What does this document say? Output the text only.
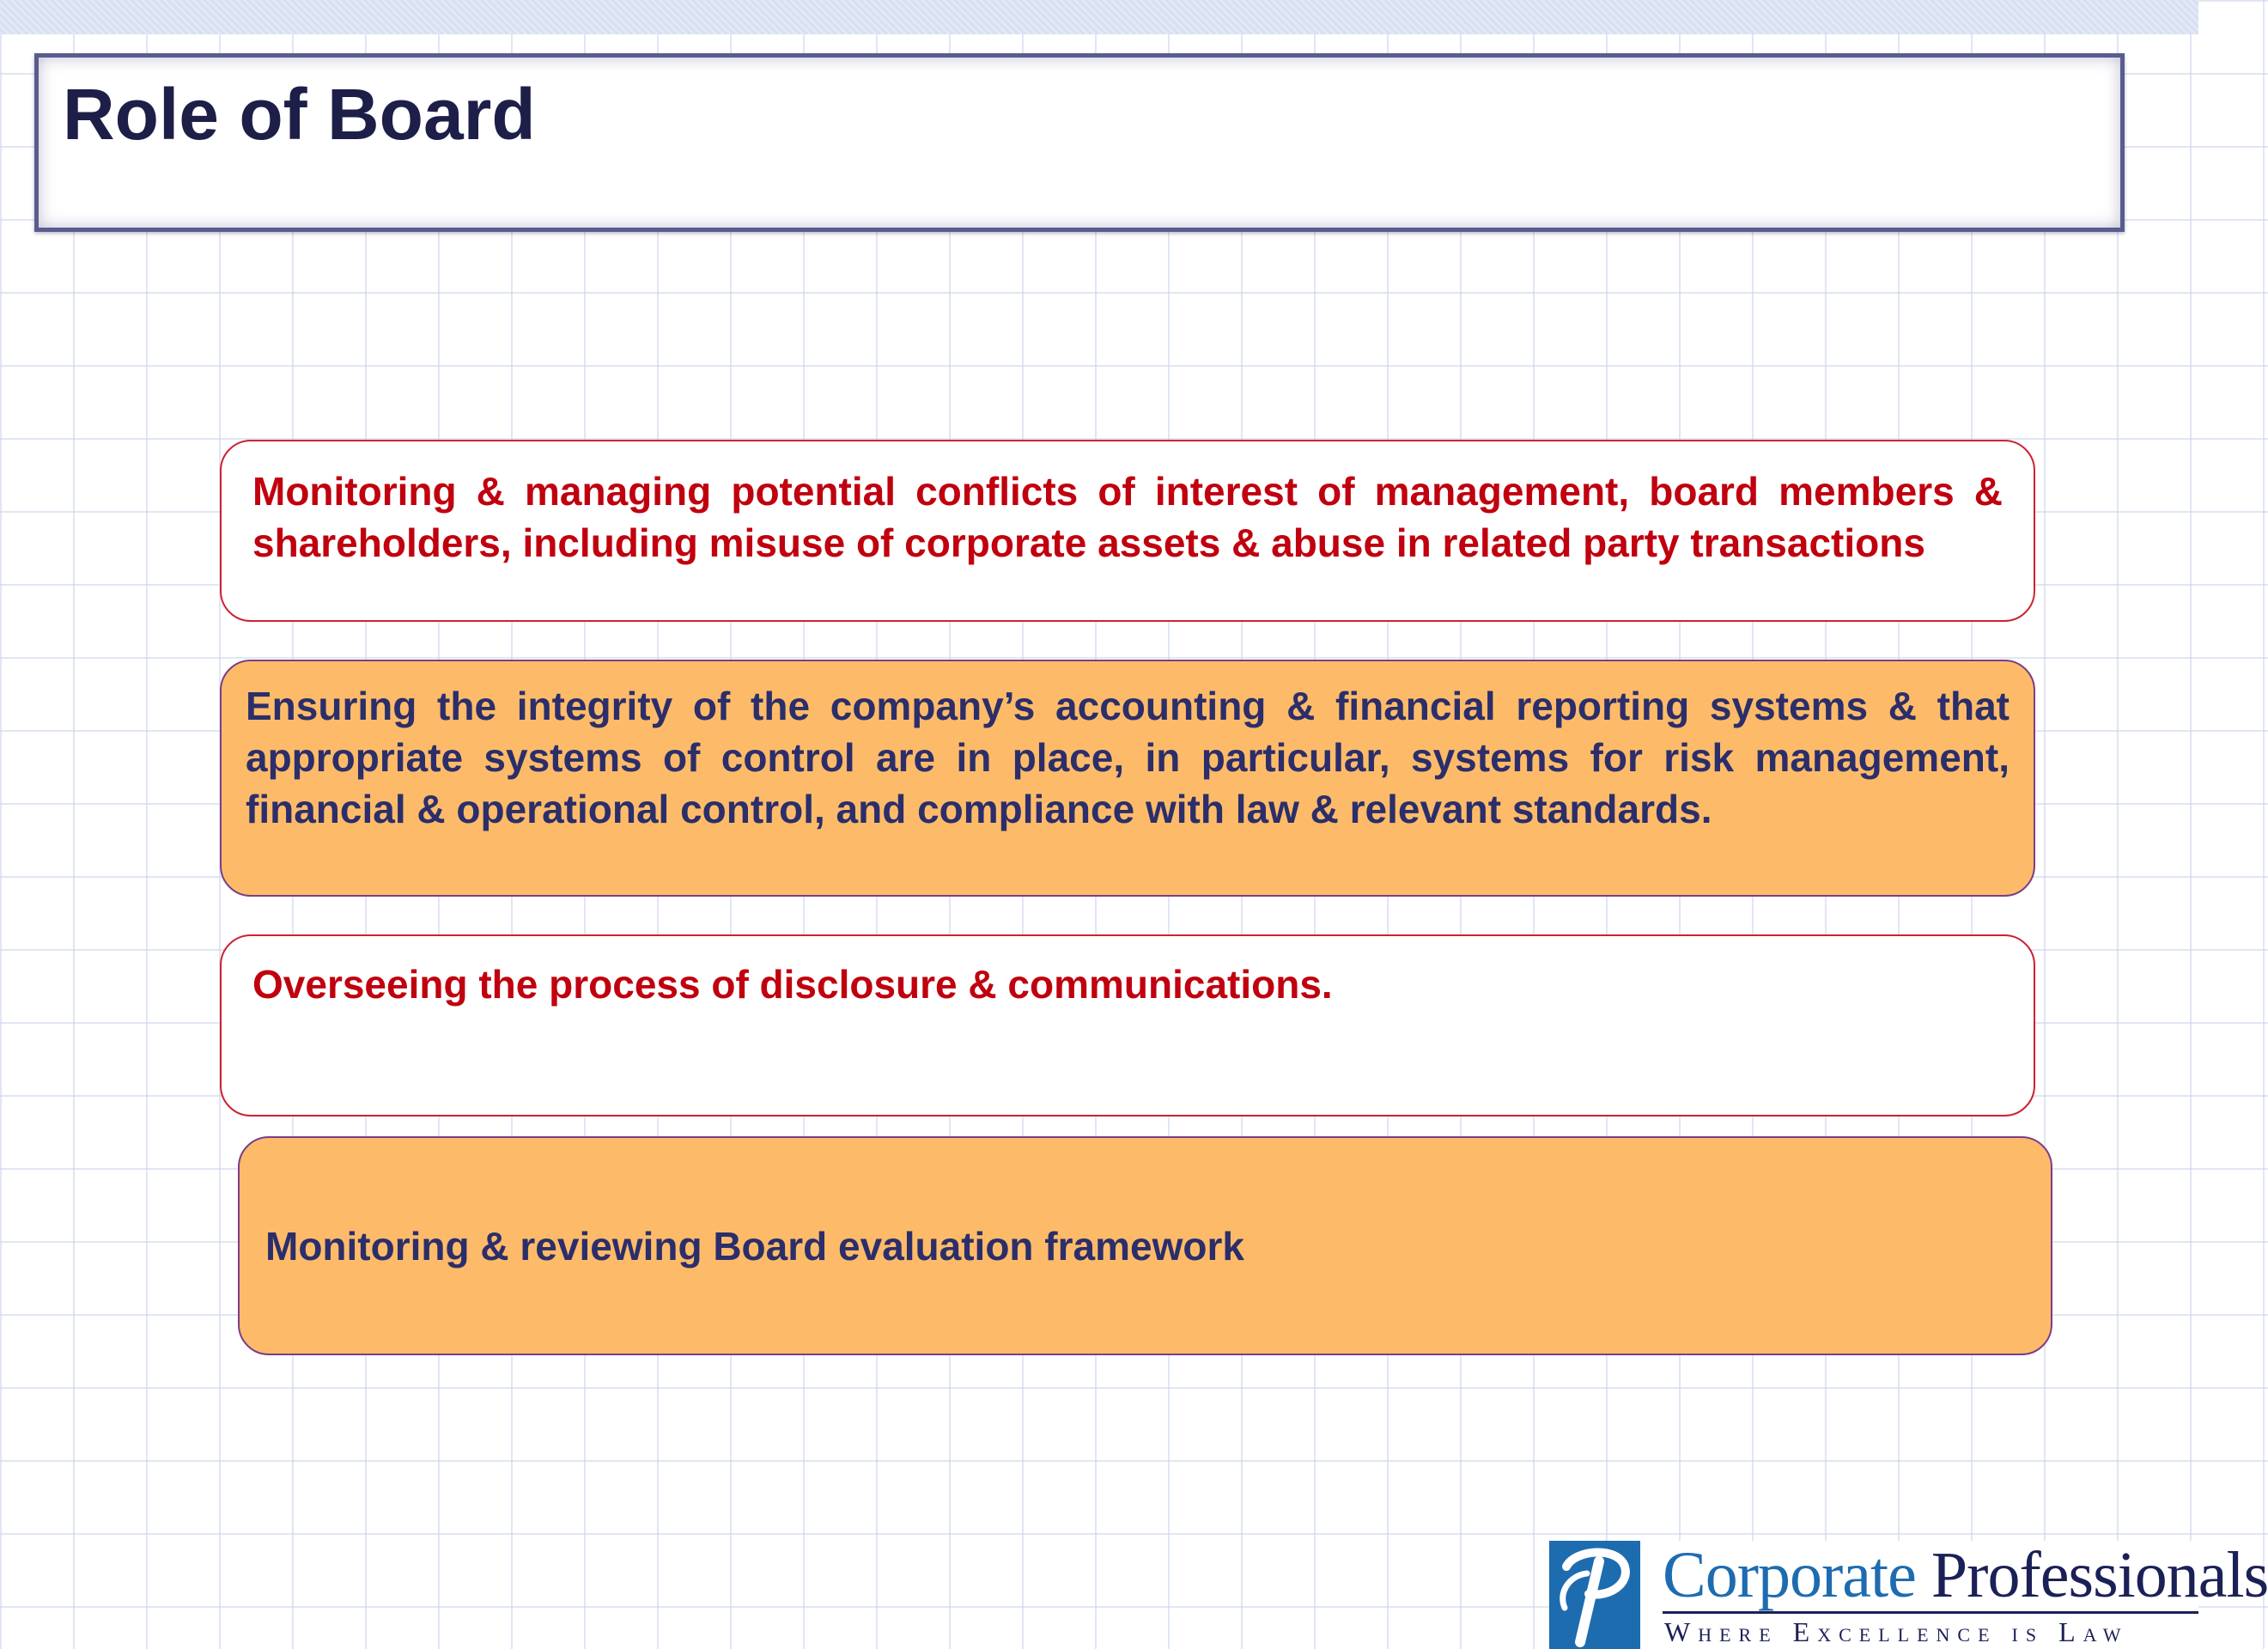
Role of Board
Monitoring & managing potential conflicts of interest of management, board members & shareholders, including misuse of corporate assets & abuse in related party transactions
Ensuring the integrity of the company’s accounting & financial reporting systems & that appropriate systems of control are in place, in particular, systems for risk management, financial & operational control, and compliance with law & relevant standards.
Overseeing the process of disclosure & communications.
Monitoring & reviewing Board evaluation framework
Corporate Professionals
Where Excellence is Law
